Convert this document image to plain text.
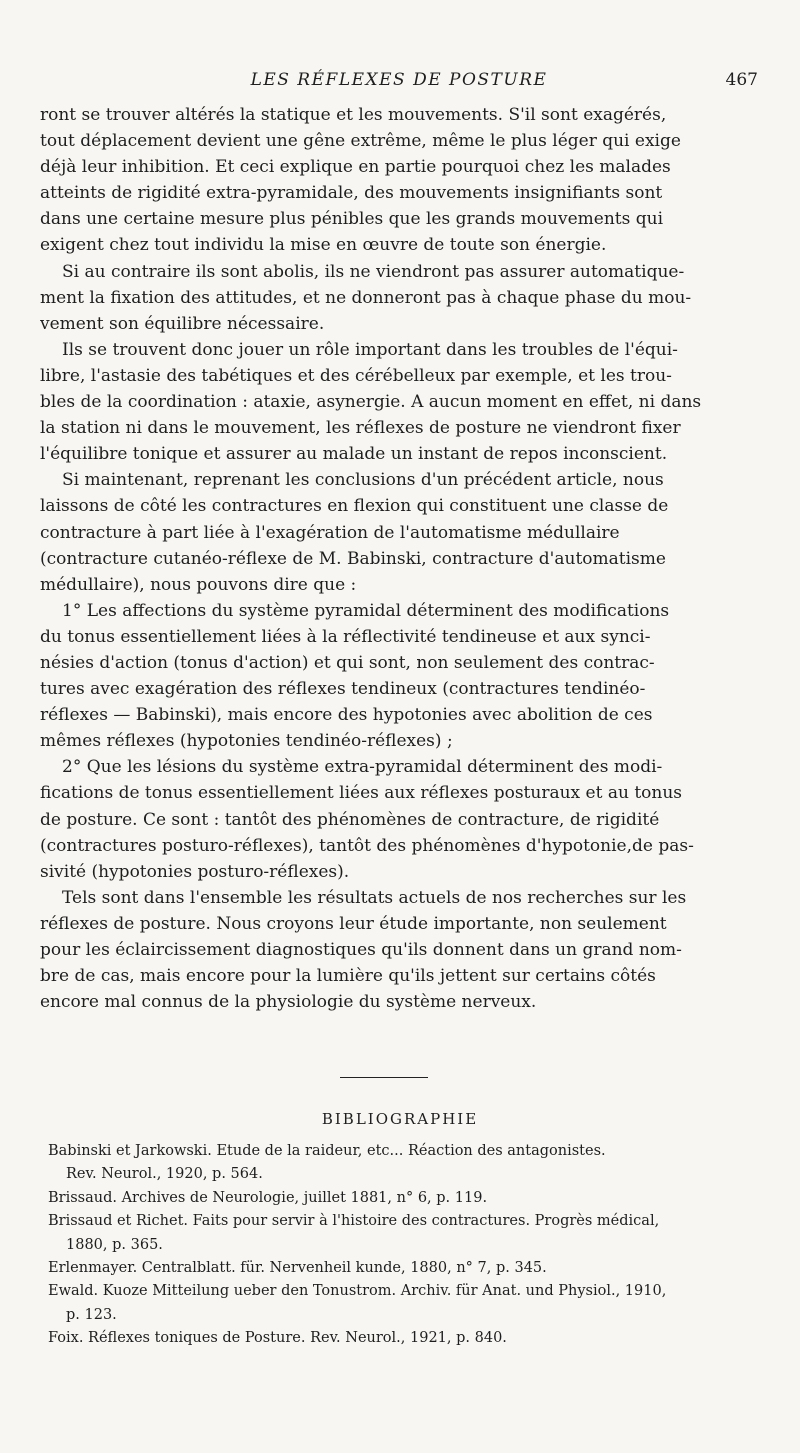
LES RÉFLEXES DE POSTURE	467
ront se trouver altérés la statique et les mouvements. S'il sont exagérés,
tout déplacement devient une gêne extrême, même le plus léger qui exige
déjà leur inhibition. Et ceci explique en partie pourquoi chez les malades
atteints de rigidité extra-pyramidale, des mouvements insignifiants sont
dans une certaine mesure plus pénibles que les grands mouvements qui
exigent chez tout individu la mise en œuvre de toute son énergie.
Si au contraire ils sont abolis, ils ne viendront pas assurer automatique-
ment la fixation des attitudes, et ne donneront pas à chaque phase du mou-
vement son équilibre nécessaire.
Ils se trouvent donc jouer un rôle important dans les troubles de l'équi-
libre, l'astasie des tabétiques et des cérébelleux par exemple, et les trou-
bles de la coordination : ataxie, asynergie. A aucun moment en effet, ni dans
la station ni dans le mouvement, les réflexes de posture ne viendront fixer
l'équilibre tonique et assurer au malade un instant de repos inconscient.
Si maintenant, reprenant les conclusions d'un précédent article, nous
laissons de côté les contractures en flexion qui constituent une classe de
contracture à part liée à l'exagération de l'automatisme médullaire
(contracture cutanéo-réflexe de M. Babinski, contracture d'automatisme
médullaire), nous pouvons dire que :
1° Les affections du système pyramidal déterminent des modifications
du tonus essentiellement liées à la réflectivité tendineuse et aux synci-
nésies d'action (tonus d'action) et qui sont, non seulement des contrac-
tures avec exagération des réflexes tendineux (contractures tendinéo-
réflexes — Babinski), mais encore des hypotonies avec abolition de ces
mêmes réflexes (hypotonies tendinéo-réflexes) ;
2° Que les lésions du système extra-pyramidal déterminent des modi-
fications de tonus essentiellement liées aux réflexes posturaux et au tonus
de posture. Ce sont : tantôt des phénomènes de contracture, de rigidité
(contractures posturo-réflexes), tantôt des phénomènes d'hypotonie,de pas-
sivité (hypotonies posturo-réflexes).
Tels sont dans l'ensemble les résultats actuels de nos recherches sur les
réflexes de posture. Nous croyons leur étude importante, non seulement
pour les éclaircissement diagnostiques qu'ils donnent dans un grand nom-
bre de cas, mais encore pour la lumière qu'ils jettent sur certains côtés
encore mal connus de la physiologie du système nerveux.
BIBLIOGRAPHIE
Babinski et Jarkowski. Etude de la raideur, etc... Réaction des antagonistes.
Rev. Neurol., 1920, p. 564.
Brissaud. Archives de Neurologie, juillet 1881, n° 6, p. 119.
Brissaud et Richet. Faits pour servir à l'histoire des contractures. Progrès médical,
1880, p. 365.
Erlenmayer. Centralblatt. für. Nervenheil kunde, 1880, n° 7, p. 345.
Ewald. Kuoze Mitteilung ueber den Tonustrom. Archiv. für Anat. und Physiol., 1910,
p. 123.
Foix. Réflexes toniques de Posture. Rev. Neurol., 1921, p. 840.
